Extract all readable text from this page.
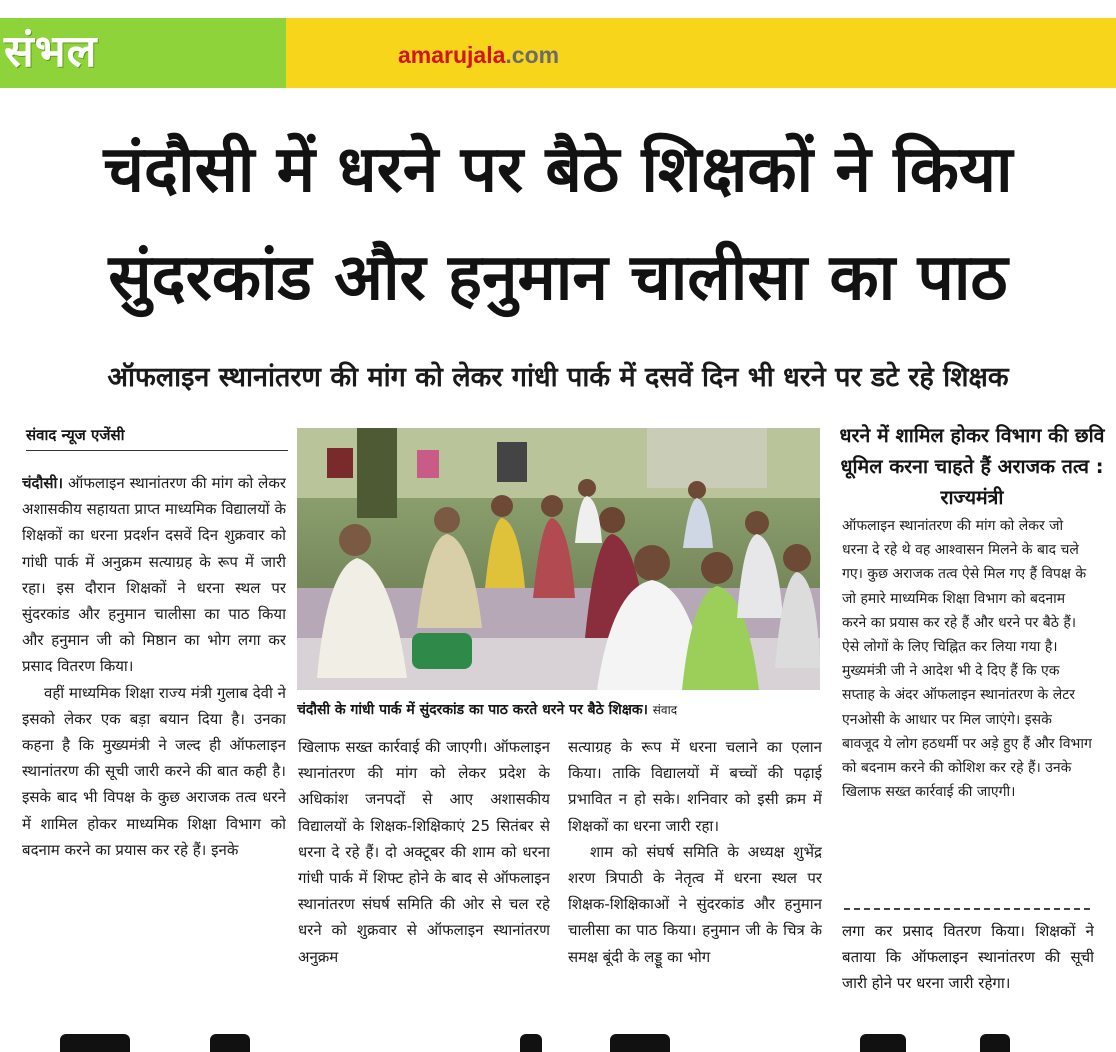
संभल	amarujala.com
चंदौसी में धरने पर बैठे शिक्षकों ने किया
सुंदरकांड और हनुमान चालीसा का पाठ
ऑफलाइन स्थानांतरण की मांग को लेकर गांधी पार्क में दसवें दिन भी धरने पर डटे रहे शिक्षक
संवाद न्यूज एजेंसी

चंदौसी। ऑफलाइन स्थानांतरण की मांग को लेकर अशासकीय सहायता प्राप्त माध्यमिक विद्यालयों के शिक्षकों का धरना प्रदर्शन दसवें दिन शुक्रवार को गांधी पार्क में अनुक्रम सत्याग्रह के रूप में जारी रहा। इस दौरान शिक्षकों ने धरना स्थल पर सुंदरकांड और हनुमान चालीसा का पाठ किया और हनुमान जी को मिष्ठान का भोग लगा कर प्रसाद वितरण किया।

वहीं माध्यमिक शिक्षा राज्य मंत्री गुलाब देवी ने इसको लेकर एक बड़ा बयान दिया है। उनका कहना है कि मुख्यमंत्री ने जल्द ही ऑफलाइन स्थानांतरण की सूची जारी करने की बात कही है। इसके बाद भी विपक्ष के कुछ अराजक तत्व धरने में शामिल होकर माध्यमिक शिक्षा विभाग को बदनाम करने का प्रयास कर रहे हैं। इनके

चंदौसी के गांधी पार्क में सुंदरकांड का पाठ करते धरने पर बैठे शिक्षक। संवाद

खिलाफ सख्त कार्रवाई की जाएगी। ऑफलाइन स्थानांतरण की मांग को लेकर प्रदेश के अधिकांश जनपदों से आए अशासकीय विद्यालयों के शिक्षक-शिक्षिकाएं 25 सितंबर से धरना दे रहे हैं। दो अक्टूबर की शाम को धरना गांधी पार्क में शिफ्ट होने के बाद से ऑफलाइन स्थानांतरण संघर्ष समिति की ओर से चल रहे धरने को शुक्रवार से ऑफलाइन स्थानांतरण अनुक्रम

सत्याग्रह के रूप में धरना चलाने का एलान किया। ताकि विद्यालयों में बच्चों की पढ़ाई प्रभावित न हो सके। शनिवार को इसी क्रम में शिक्षकों का धरना जारी रहा।

शाम को संघर्ष समिति के अध्यक्ष शुभेंद्र शरण त्रिपाठी के नेतृत्व में धरना स्थल पर शिक्षक-शिक्षिकाओं ने सुंदरकांड और हनुमान चालीसा का पाठ किया। हनुमान जी के चित्र के समक्ष बूंदी के लड्डू का भोग

धरने में शामिल होकर विभाग की छवि धूमिल करना चाहते हैं अराजक तत्व : राज्यमंत्री
ऑफलाइन स्थानांतरण की मांग को लेकर जो धरना दे रहे थे वह आश्वासन मिलने के बाद चले गए। कुछ अराजक तत्व ऐसे मिल गए हैं विपक्ष के जो हमारे माध्यमिक शिक्षा विभाग को बदनाम करने का प्रयास कर रहे हैं और धरने पर बैठे हैं। ऐसे लोगों के लिए चिह्नित कर लिया गया है। मुख्यमंत्री जी ने आदेश भी दे दिए हैं कि एक सप्ताह के अंदर ऑफलाइन स्थानांतरण के लेटर एनओसी के आधार पर मिल जाएंगे। इसके बावजूद ये लोग हठधर्मी पर अड़े हुए हैं और विभाग को बदनाम करने की कोशिश कर रहे हैं। उनके खिलाफ सख्त कार्रवाई की जाएगी।
लगा कर प्रसाद वितरण किया। शिक्षकों ने बताया कि ऑफलाइन स्थानांतरण की सूची जारी होने पर धरना जारी रहेगा।
